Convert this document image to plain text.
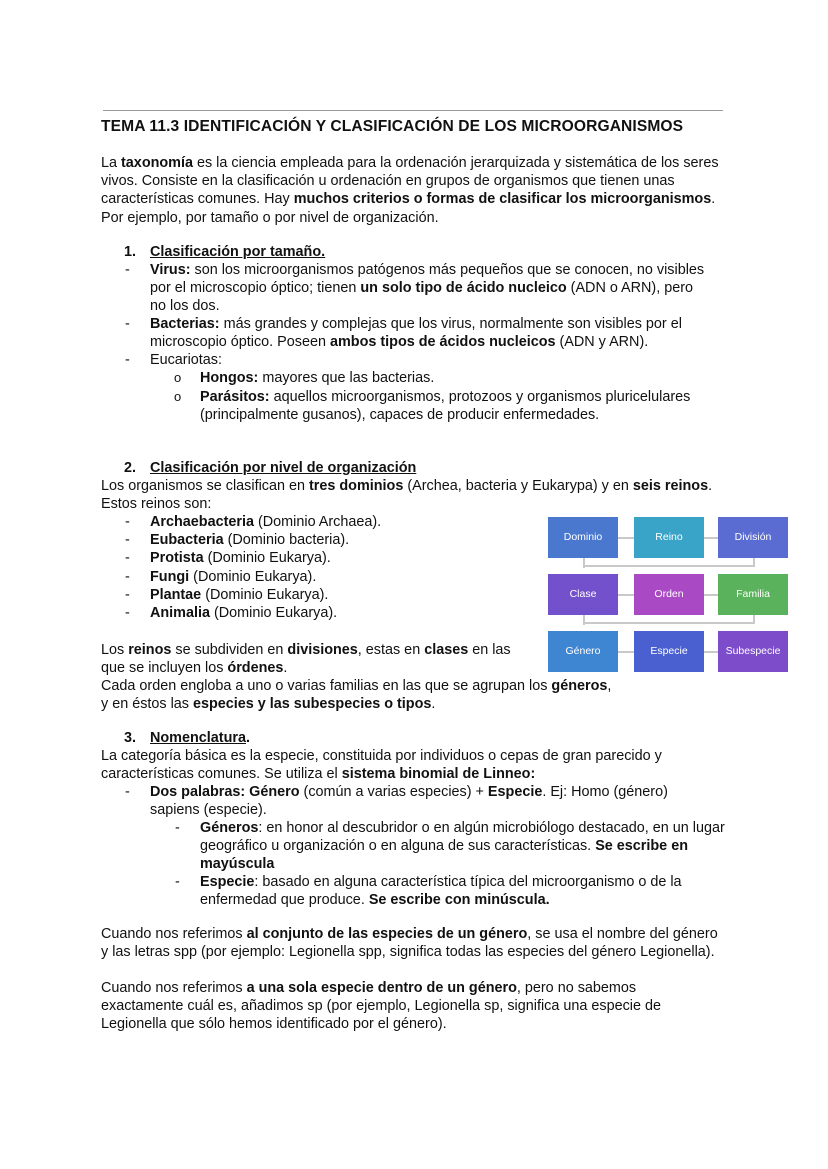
TEMA 11.3 IDENTIFICACIÓN Y CLASIFICACIÓN DE LOS MICROORGANISMOS

La taxonomía es la ciencia empleada para la ordenación jerarquizada y sistemática de los seres vivos. Consiste en la clasificación u ordenación en grupos de organismos que tienen unas características comunes. Hay muchos criterios o formas de clasificar los microorganismos. Por ejemplo, por tamaño o por nivel de organización.

1. Clasificación por tamaño.
- Virus: son los microorganismos patógenos más pequeños que se conocen, no visibles por el microscopio óptico; tienen un solo tipo de ácido nucleico (ADN o ARN), pero no los dos.
- Bacterias: más grandes y complejas que los virus, normalmente son visibles por el microscopio óptico. Poseen ambos tipos de ácidos nucleicos (ADN y ARN).
- Eucariotas:
o Hongos: mayores que las bacterias.
o Parásitos: aquellos microorganismos, protozoos y organismos pluricelulares (principalmente gusanos), capaces de producir enfermedades.
2. Clasificación por nivel de organización

Los organismos se clasifican en tres dominios (Archea, bacteria y Eukarypa) y en seis reinos. Estos reinos son:

- Archaebacteria (Dominio Archaea).
- Eubacteria (Dominio bacteria).
- Protista (Dominio Eukarya).
- Fungi (Dominio Eukarya).
- Plantae (Dominio Eukarya).
- Animalia (Dominio Eukarya).

Los reinos se subdividen en divisiones, estas en clases en las que se incluyen los órdenes.

Cada orden engloba a uno o varias familias en las que se agrupan los géneros, y en éstos las especies y las subespecies o tipos.

Dominio	Reino	División
Clase	Orden	Familia
Género	Especie	Subespecie
3. Nomenclatura.

La categoría básica es la especie, constituida por individuos o cepas de gran parecido y características comunes. Se utiliza el sistema binomial de Linneo:

- Dos palabras: Género (común a varias especies) + Especie. Ej: Homo (género) sapiens (especie).
- Géneros: en honor al descubridor o en algún microbiólogo destacado, en un lugar geográfico u organización o en alguna de sus características. Se escribe en mayúscula
- Especie: basado en alguna característica típica del microorganismo o de la enfermedad que produce. Se escribe con minúscula.

Cuando nos referimos al conjunto de las especies de un género, se usa el nombre del género y las letras spp (por ejemplo: Legionella spp, significa todas las especies del género Legionella).

Cuando nos referimos a una sola especie dentro de un género, pero no sabemos exactamente cuál es, añadimos sp (por ejemplo, Legionella sp, significa una especie de Legionella que sólo hemos identificado por el género).
